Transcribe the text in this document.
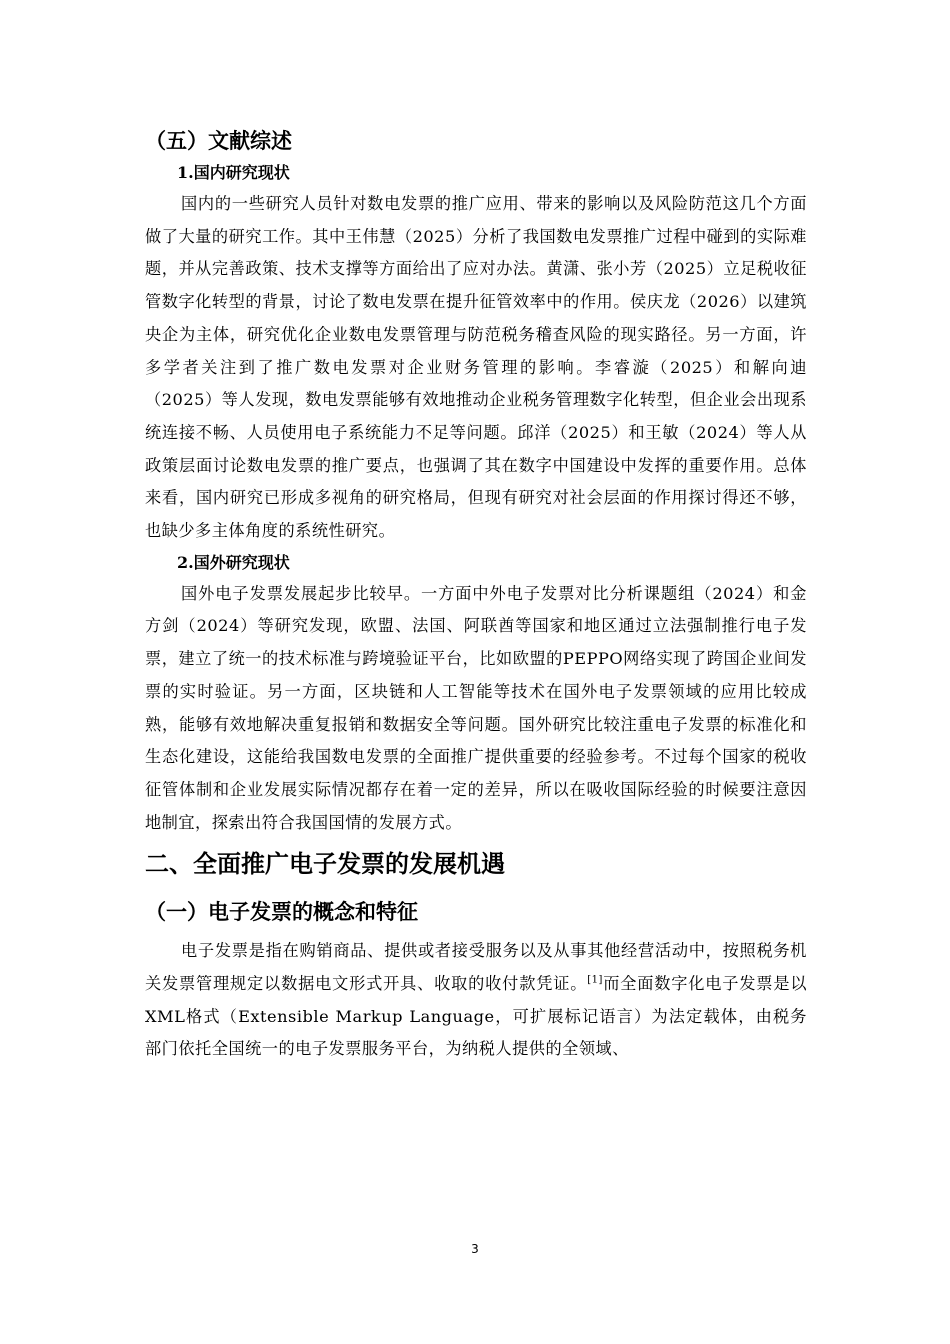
（五）文献综述
1.国内研究现状

国内的一些研究人员针对数电发票的推广应用、带来的影响以及风险防范这几个方面做了大量的研究工作。其中王伟慧（2025）分析了我国数电发票推广过程中碰到的实际难题，并从完善政策、技术支撑等方面给出了应对办法。黄潇、张小芳（2025）立足税收征管数字化转型的背景，讨论了数电发票在提升征管效率中的作用。侯庆龙（2026）以建筑央企为主体，研究优化企业数电发票管理与防范税务稽查风险的现实路径。另一方面，许多学者关注到了推广数电发票对企业财务管理的影响。李睿漩（2025）和解向迪（2025）等人发现，数电发票能够有效地推动企业税务管理数字化转型，但企业会出现系统连接不畅、人员使用电子系统能力不足等问题。邱洋（2025）和王敏（2024）等人从政策层面讨论数电发票的推广要点，也强调了其在数字中国建设中发挥的重要作用。总体来看，国内研究已形成多视角的研究格局，但现有研究对社会层面的作用探讨得还不够，也缺少多主体角度的系统性研究。

2.国外研究现状

国外电子发票发展起步比较早。一方面中外电子发票对比分析课题组（2024）和金方剑（2024）等研究发现，欧盟、法国、阿联酋等国家和地区通过立法强制推行电子发票，建立了统一的技术标准与跨境验证平台，比如欧盟的PEPPO网络实现了跨国企业间发票的实时验证。另一方面，区块链和人工智能等技术在国外电子发票领域的应用比较成熟，能够有效地解决重复报销和数据安全等问题。国外研究比较注重电子发票的标准化和生态化建设，这能给我国数电发票的全面推广提供重要的经验参考。不过每个国家的税收征管体制和企业发展实际情况都存在着一定的差异，所以在吸收国际经验的时候要注意因地制宜，探索出符合我国国情的发展方式。

二、全面推广电子发票的发展机遇
（一）电子发票的概念和特征

电子发票是指在购销商品、提供或者接受服务以及从事其他经营活动中，按照税务机关发票管理规定以数据电文形式开具、收取的收付款凭证。[1]而全面数字化电子发票是以XML格式（Extensible Markup Language，可扩展标记语言）为法定载体，由税务部门依托全国统一的电子发票服务平台，为纳税人提供的全领域、

3
